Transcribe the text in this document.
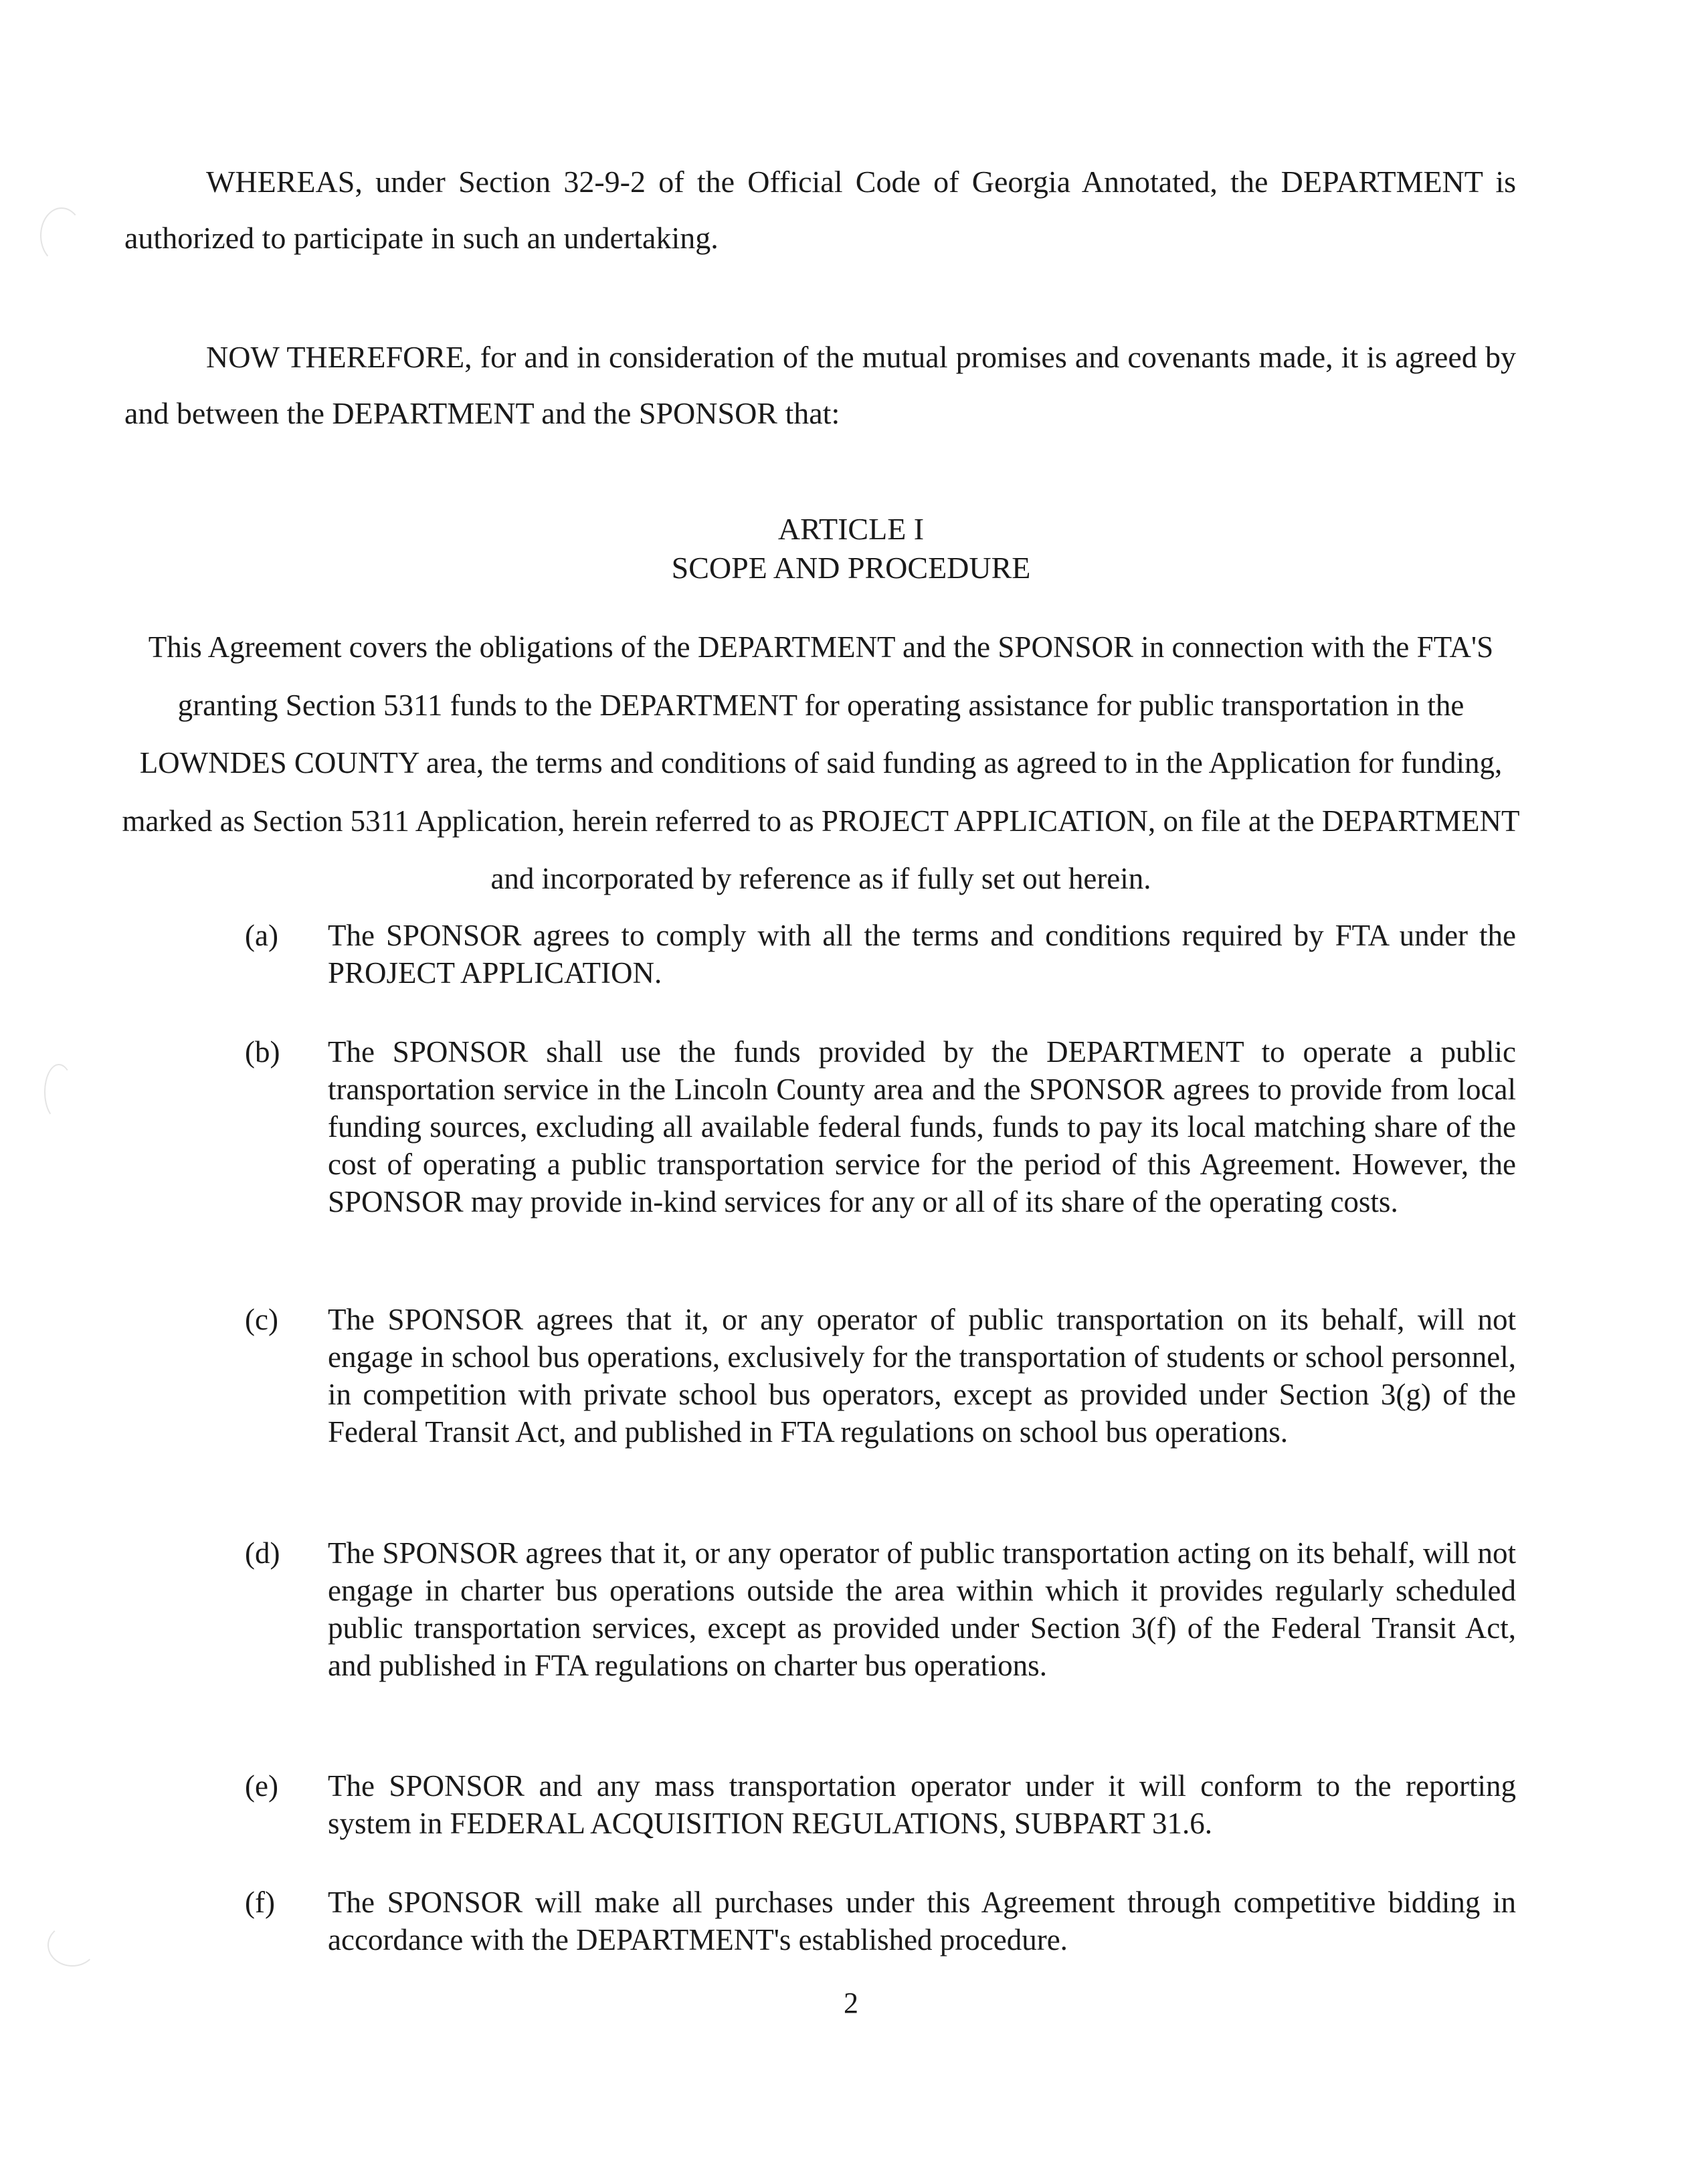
WHEREAS, under Section 32-9-2 of the Official Code of Georgia Annotated, the DEPARTMENT is authorized to participate in such an undertaking.

NOW THEREFORE, for and in consideration of the mutual promises and covenants made, it is agreed by and between the DEPARTMENT and the SPONSOR that:

ARTICLE I
SCOPE AND PROCEDURE

This Agreement covers the obligations of the DEPARTMENT and the SPONSOR in connection with the FTA'S granting Section 5311 funds to the DEPARTMENT for operating assistance for public transportation in the LOWNDES COUNTY area, the terms and conditions of said funding as agreed to in the Application for funding, marked as Section 5311 Application, herein referred to as PROJECT APPLICATION, on file at the DEPARTMENT and incorporated by reference as if fully set out herein.

(a)	The SPONSOR agrees to comply with all the terms and conditions required by FTA under the PROJECT APPLICATION.

(b)	The SPONSOR shall use the funds provided by the DEPARTMENT to operate a public transportation service in the Lincoln County area and the SPONSOR agrees to provide from local funding sources, excluding all available federal funds, funds to pay its local matching share of the cost of operating a public transportation service for the period of this Agreement. However, the SPONSOR may provide in-kind services for any or all of its share of the operating costs.

(c)	The SPONSOR agrees that it, or any operator of public transportation on its behalf, will not engage in school bus operations, exclusively for the transportation of students or school personnel, in competition with private school bus operators, except as provided under Section 3(g) of the Federal Transit Act, and published in FTA regulations on school bus operations.

(d)	The SPONSOR agrees that it, or any operator of public transportation acting on its behalf, will not engage in charter bus operations outside the area within which it provides regularly scheduled public transportation services, except as provided under Section 3(f) of the Federal Transit Act, and published in FTA regulations on charter bus operations.

(e)	The SPONSOR and any mass transportation operator under it will conform to the reporting system in FEDERAL ACQUISITION REGULATIONS, SUBPART 31.6.

(f)	The SPONSOR will make all purchases under this Agreement through competitive bidding in accordance with the DEPARTMENT's established procedure.

2
